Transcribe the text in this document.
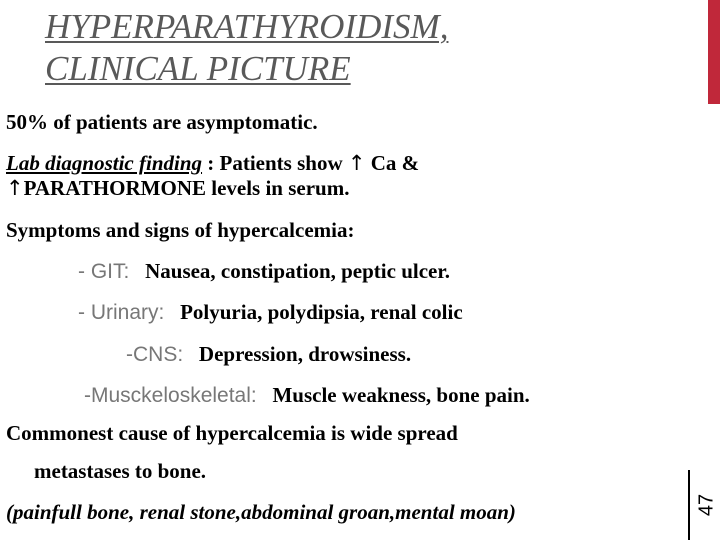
HYPERPARATHYROIDISM,
CLINICAL PICTURE
47
50% of patients are asymptomatic.
Lab diagnostic finding : Patients show ↑ Ca &
↑PARATHORMONE levels in serum.
Symptoms and signs of hypercalcemia:
- GIT: Nausea, constipation, peptic ulcer.
- Urinary: Polyuria, polydipsia, renal colic
-CNS: Depression, drowsiness.
-Musckeloskeletal: Muscle weakness, bone pain.
Commonest cause of hypercalcemia is wide spread
metastases to bone.
(painfull bone, renal stone,abdominal groan,mental moan)
